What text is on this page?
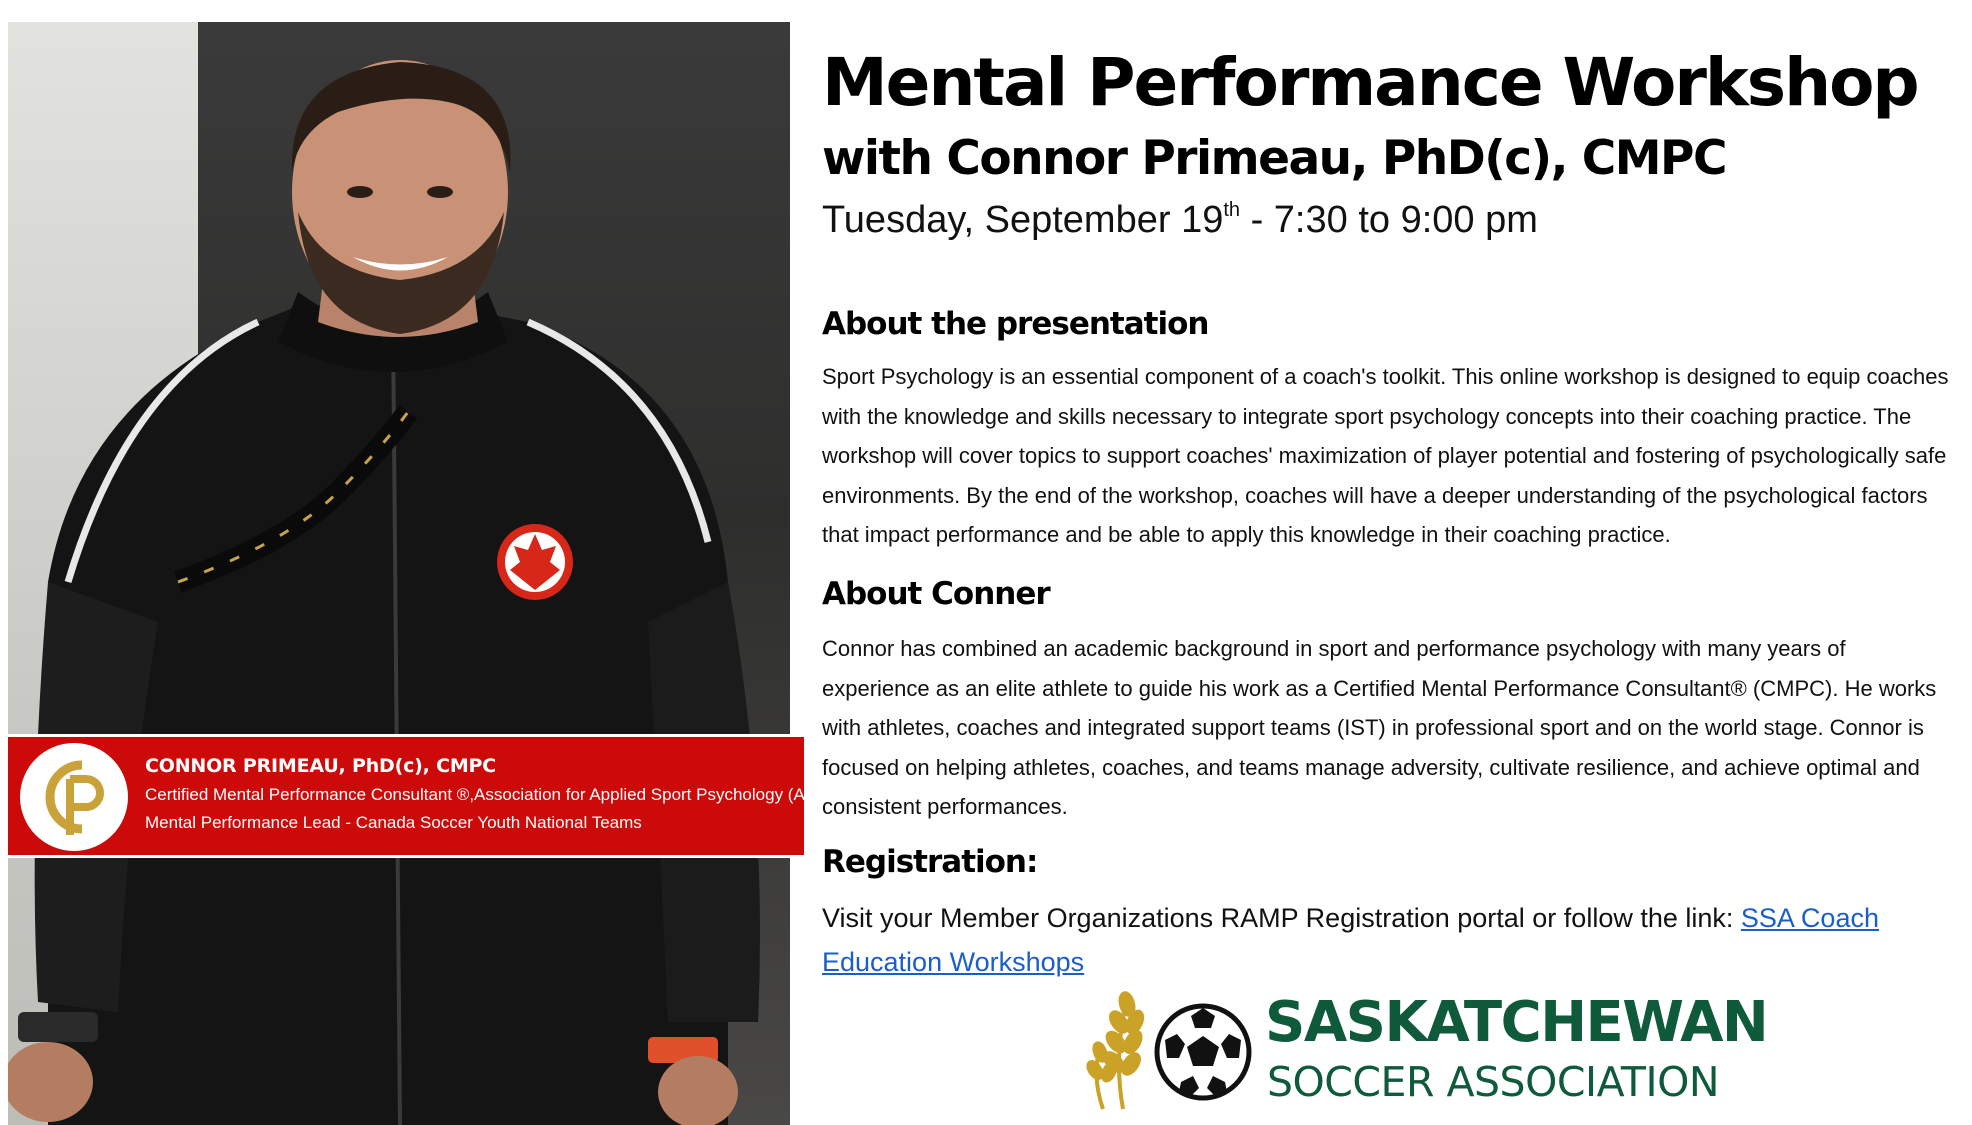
CONNOR PRIMEAU, PhD(c), CMPC
Certified Mental Performance Consultant ®,Association for Applied Sport Psychology (AASP)
Mental Performance Lead - Canada Soccer Youth National Teams
Mental Performance Workshop
with Connor Primeau, PhD(c), CMPC

Tuesday, September 19th - 7:30 to 9:00 pm

About the presentation

Sport Psychology is an essential component of a coach's toolkit. This online workshop is designed to equip coaches with the knowledge and skills necessary to integrate sport psychology concepts into their coaching practice. The workshop will cover topics to support coaches' maximization of player potential and fostering of psychologically safe environments. By the end of the workshop, coaches will have a deeper understanding of the psychological factors that impact performance and be able to apply this knowledge in their coaching practice.

About Conner

Connor has combined an academic background in sport and performance psychology with many years of experience as an elite athlete to guide his work as a Certified Mental Performance Consultant® (CMPC). He works with athletes, coaches and integrated support teams (IST) in professional sport and on the world stage. Connor is focused on helping athletes, coaches, and teams manage adversity, cultivate resilience, and achieve optimal and consistent performances.

Registration:

Visit your Member Organizations RAMP Registration portal or follow the link: SSA Coach Education Workshops

SASKATCHEWAN
SOCCER ASSOCIATION
